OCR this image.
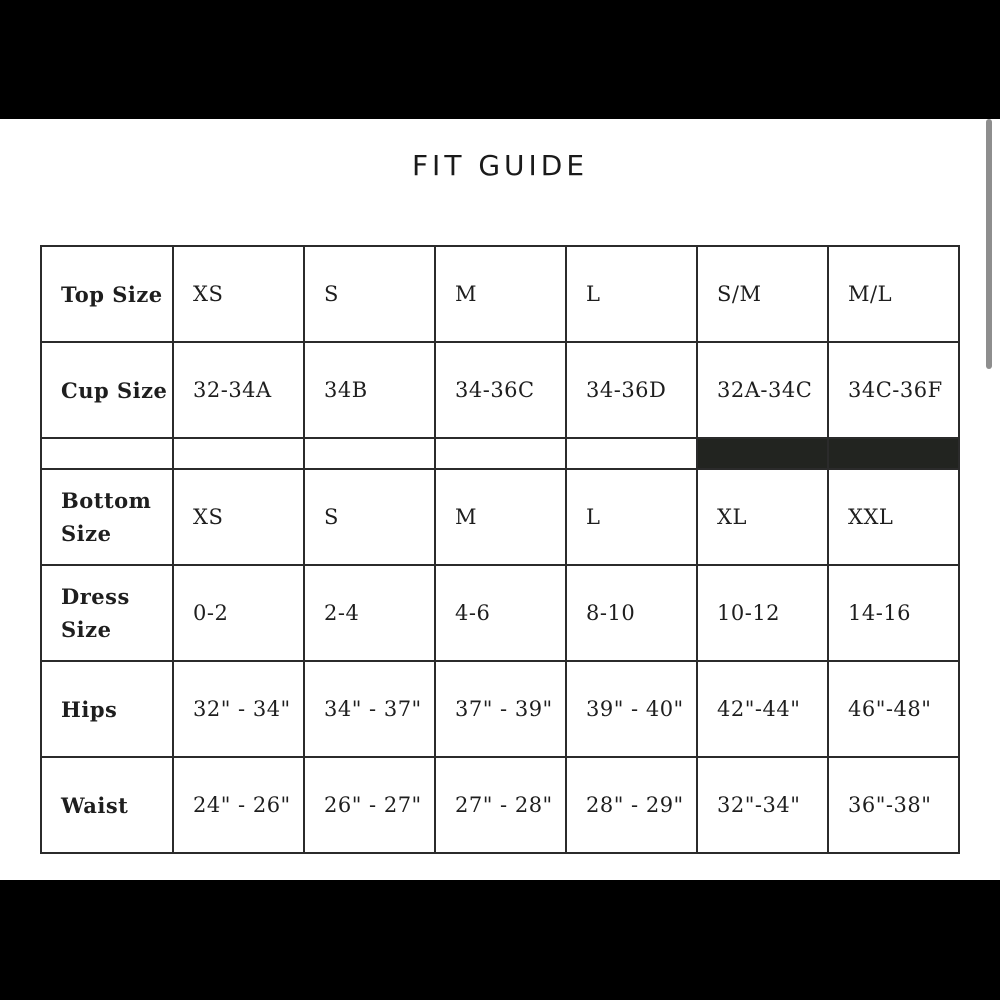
FIT GUIDE
Top Size	XS	S	M	L	S/M	M/L
Cup Size	32-34A	34B	34-36C	34-36D	32A-34C	34C-36F

Bottom Size	XS	S	M	L	XL	XXL
Dress Size	0-2	2-4	4-6	8-10	10-12	14-16
Hips	32" - 34"	34" - 37"	37" - 39"	39" - 40"	42"-44"	46"-48"
Waist	24" - 26"	26" - 27"	27" - 28"	28" - 29"	32"-34"	36"-38"
